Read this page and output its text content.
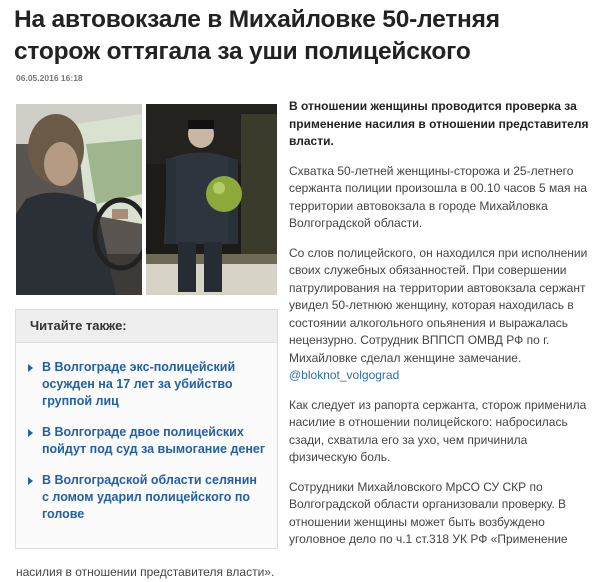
На автовокзале в Михайловке 50-летняя сторож оттягала за уши полицейского
06.05.2016 16:18
Читайте также:
В Волгограде экс-полицейский осужден на 17 лет за убийство группой лиц
В Волгограде двое полицейских пойдут под суд за вымогание денег
В Волгоградской области селянин с ломом ударил полицейского по голове

В отношении женщины проводится проверка за применение насилия в отношении представителя власти.

Схватка 50-летней женщины-сторожа и 25-летнего сержанта полиции произошла в 00.10 часов 5 мая на территории автовокзала в городе Михайловка Волгоградской области.

Со слов полицейского, он находился при исполнении своих служебных обязанностей. При совершении патрулирования на территории автовокзала сержант увидел 50-летнюю женщину, которая находилась в состоянии алкогольного опьянения и выражалась нецензурно. Сотрудник ВППСП ОМВД РФ по г. Михайловке сделал женщине замечание. @bloknot_volgograd

Как следует из рапорта сержанта, сторож применила насилие в отношении полицейского: набросилась сзади, схватила его за ухо, чем причинила физическую боль.

Сотрудники Михайловского МрСО СУ СКР по Волгоградской области организовали проверку. В отношении женщины может быть возбуждено уголовное дело по ч.1 ст.318 УК РФ «Применение

насилия в отношении представителя власти».
